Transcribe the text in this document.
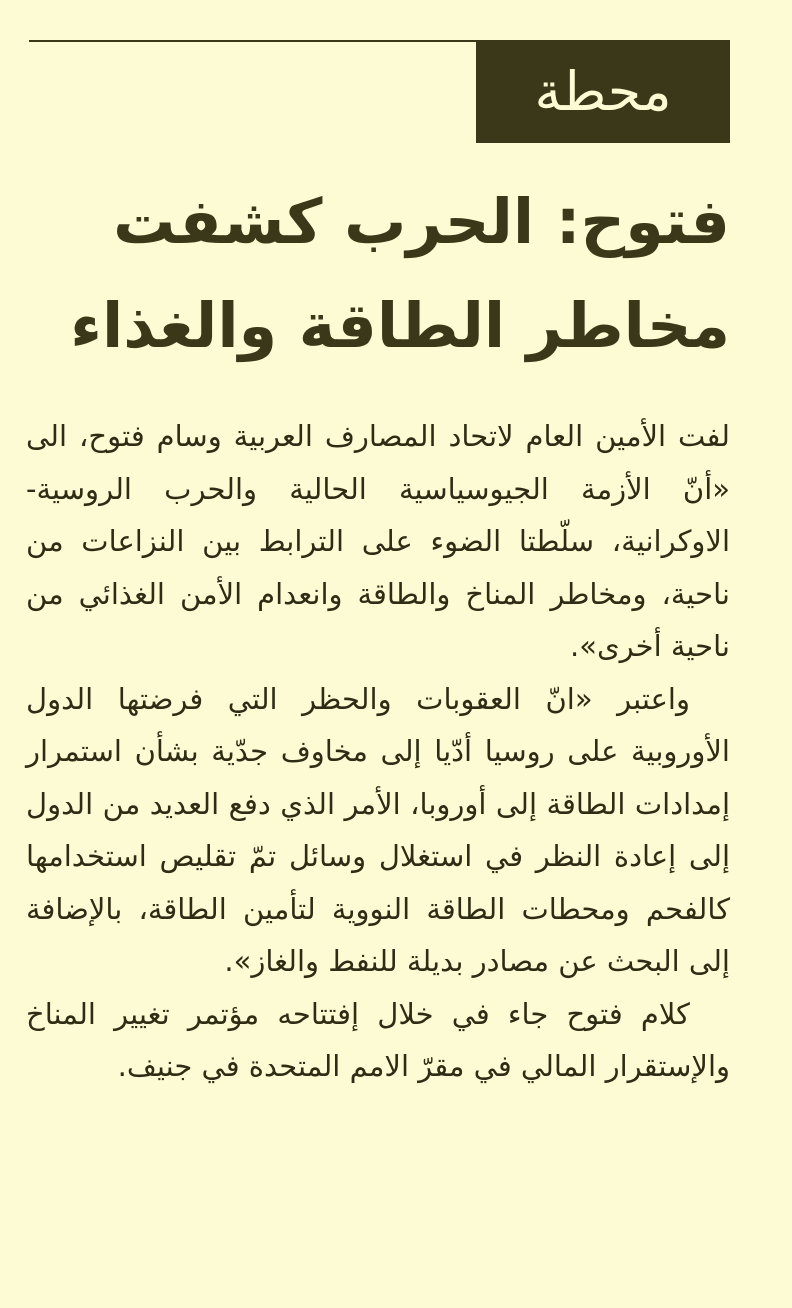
محطة
فتوح: الحرب كشفت
مخاطر الطاقة والغذاء

لفت الأمين العام لاتحاد المصارف العربية وسام فتوح، الى «أنّ الأزمة الجيوسياسية الحالية والحرب الروسية- الاوكرانية، سلّطتا الضوء على الترابط بين النزاعات من ناحية، ومخاطر المناخ والطاقة وانعدام الأمن الغذائي من ناحية أخرى».

واعتبر «انّ العقوبات والحظر التي فرضتها الدول الأوروبية على روسيا أدّيا إلى مخاوف جدّية بشأن استمرار إمدادات الطاقة إلى أوروبا، الأمر الذي دفع العديد من الدول إلى إعادة النظر في استغلال وسائل تمّ تقليص استخدامها كالفحم ومحطات الطاقة النووية لتأمين الطاقة، بالإضافة إلى البحث عن مصادر بديلة للنفط والغاز».

كلام فتوح جاء في خلال إفتتاحه مؤتمر تغيير المناخ والإستقرار المالي في مقرّ الامم المتحدة في جنيف.
